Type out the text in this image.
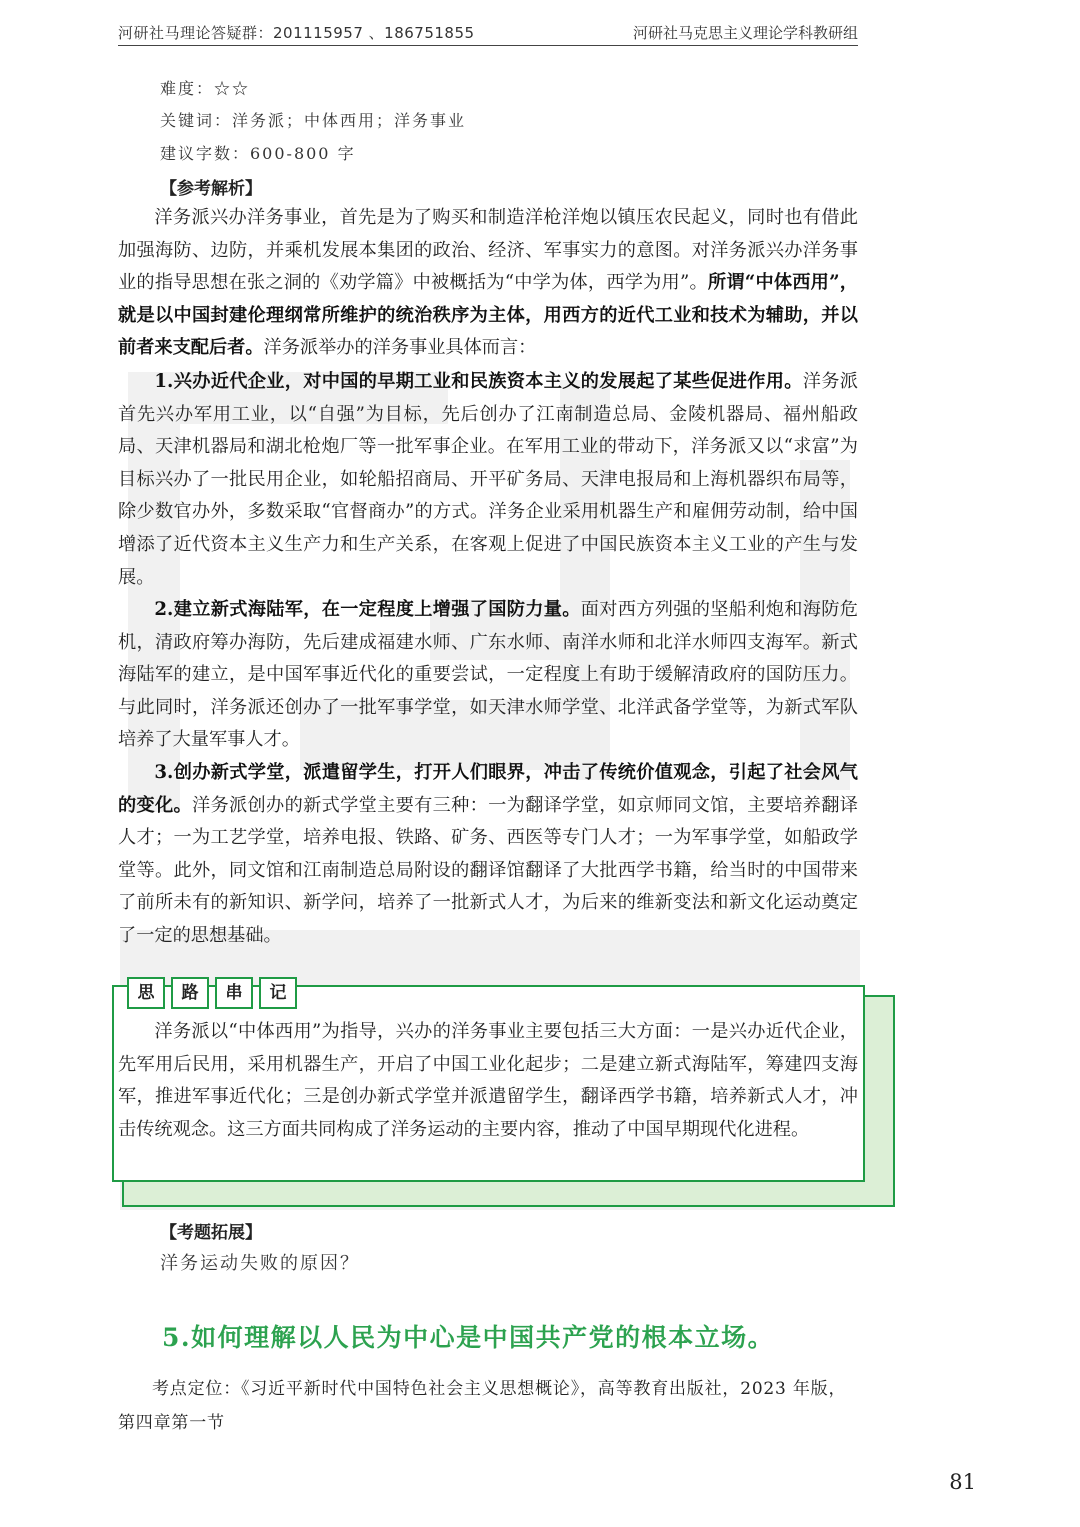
河研社马理论答疑群：201115957 、186751855	河研社马克思主义理论学科教研组
难度：☆☆
关键词：洋务派；中体西用；洋务事业
建议字数：600-800 字
【参考解析】

洋务派兴办洋务事业，首先是为了购买和制造洋枪洋炮以镇压农民起义，同时也有借此加强海防、边防，并乘机发展本集团的政治、经济、军事实力的意图。对洋务派兴办洋务事业的指导思想在张之洞的《劝学篇》中被概括为“中学为体，西学为用”。所谓“中体西用”，就是以中国封建伦理纲常所维护的统治秩序为主体，用西方的近代工业和技术为辅助，并以前者来支配后者。洋务派举办的洋务事业具体而言：

1.兴办近代企业，对中国的早期工业和民族资本主义的发展起了某些促进作用。洋务派首先兴办军用工业，以“自强”为目标，先后创办了江南制造总局、金陵机器局、福州船政局、天津机器局和湖北枪炮厂等一批军事企业。在军用工业的带动下，洋务派又以“求富”为目标兴办了一批民用企业，如轮船招商局、开平矿务局、天津电报局和上海机器织布局等，除少数官办外，多数采取“官督商办”的方式。洋务企业采用机器生产和雇佣劳动制，给中国增添了近代资本主义生产力和生产关系，在客观上促进了中国民族资本主义工业的产生与发展。

2.建立新式海陆军，在一定程度上增强了国防力量。面对西方列强的坚船利炮和海防危机，清政府筹办海防，先后建成福建水师、广东水师、南洋水师和北洋水师四支海军。新式海陆军的建立，是中国军事近代化的重要尝试，一定程度上有助于缓解清政府的国防压力。与此同时，洋务派还创办了一批军事学堂，如天津水师学堂、北洋武备学堂等，为新式军队培养了大量军事人才。

3.创办新式学堂，派遣留学生，打开人们眼界，冲击了传统价值观念，引起了社会风气的变化。洋务派创办的新式学堂主要有三种：一为翻译学堂，如京师同文馆，主要培养翻译人才；一为工艺学堂，培养电报、铁路、矿务、西医等专门人才；一为军事学堂，如船政学堂等。此外，同文馆和江南制造总局附设的翻译馆翻译了大批西学书籍，给当时的中国带来了前所未有的新知识、新学问，培养了一批新式人才，为后来的维新变法和新文化运动奠定了一定的思想基础。

思	路	串	记

洋务派以“中体西用”为指导，兴办的洋务事业主要包括三大方面：一是兴办近代企业，先军用后民用，采用机器生产，开启了中国工业化起步；二是建立新式海陆军，筹建四支海军，推进军事近代化；三是创办新式学堂并派遣留学生，翻译西学书籍，培养新式人才，冲击传统观念。这三方面共同构成了洋务运动的主要内容，推动了中国早期现代化进程。

【考题拓展】
洋务运动失败的原因？
5.如何理解以人民为中心是中国共产党的根本立场。

考点定位：《习近平新时代中国特色社会主义思想概论》，高等教育出版社，2023 年版，第四章第一节

81
